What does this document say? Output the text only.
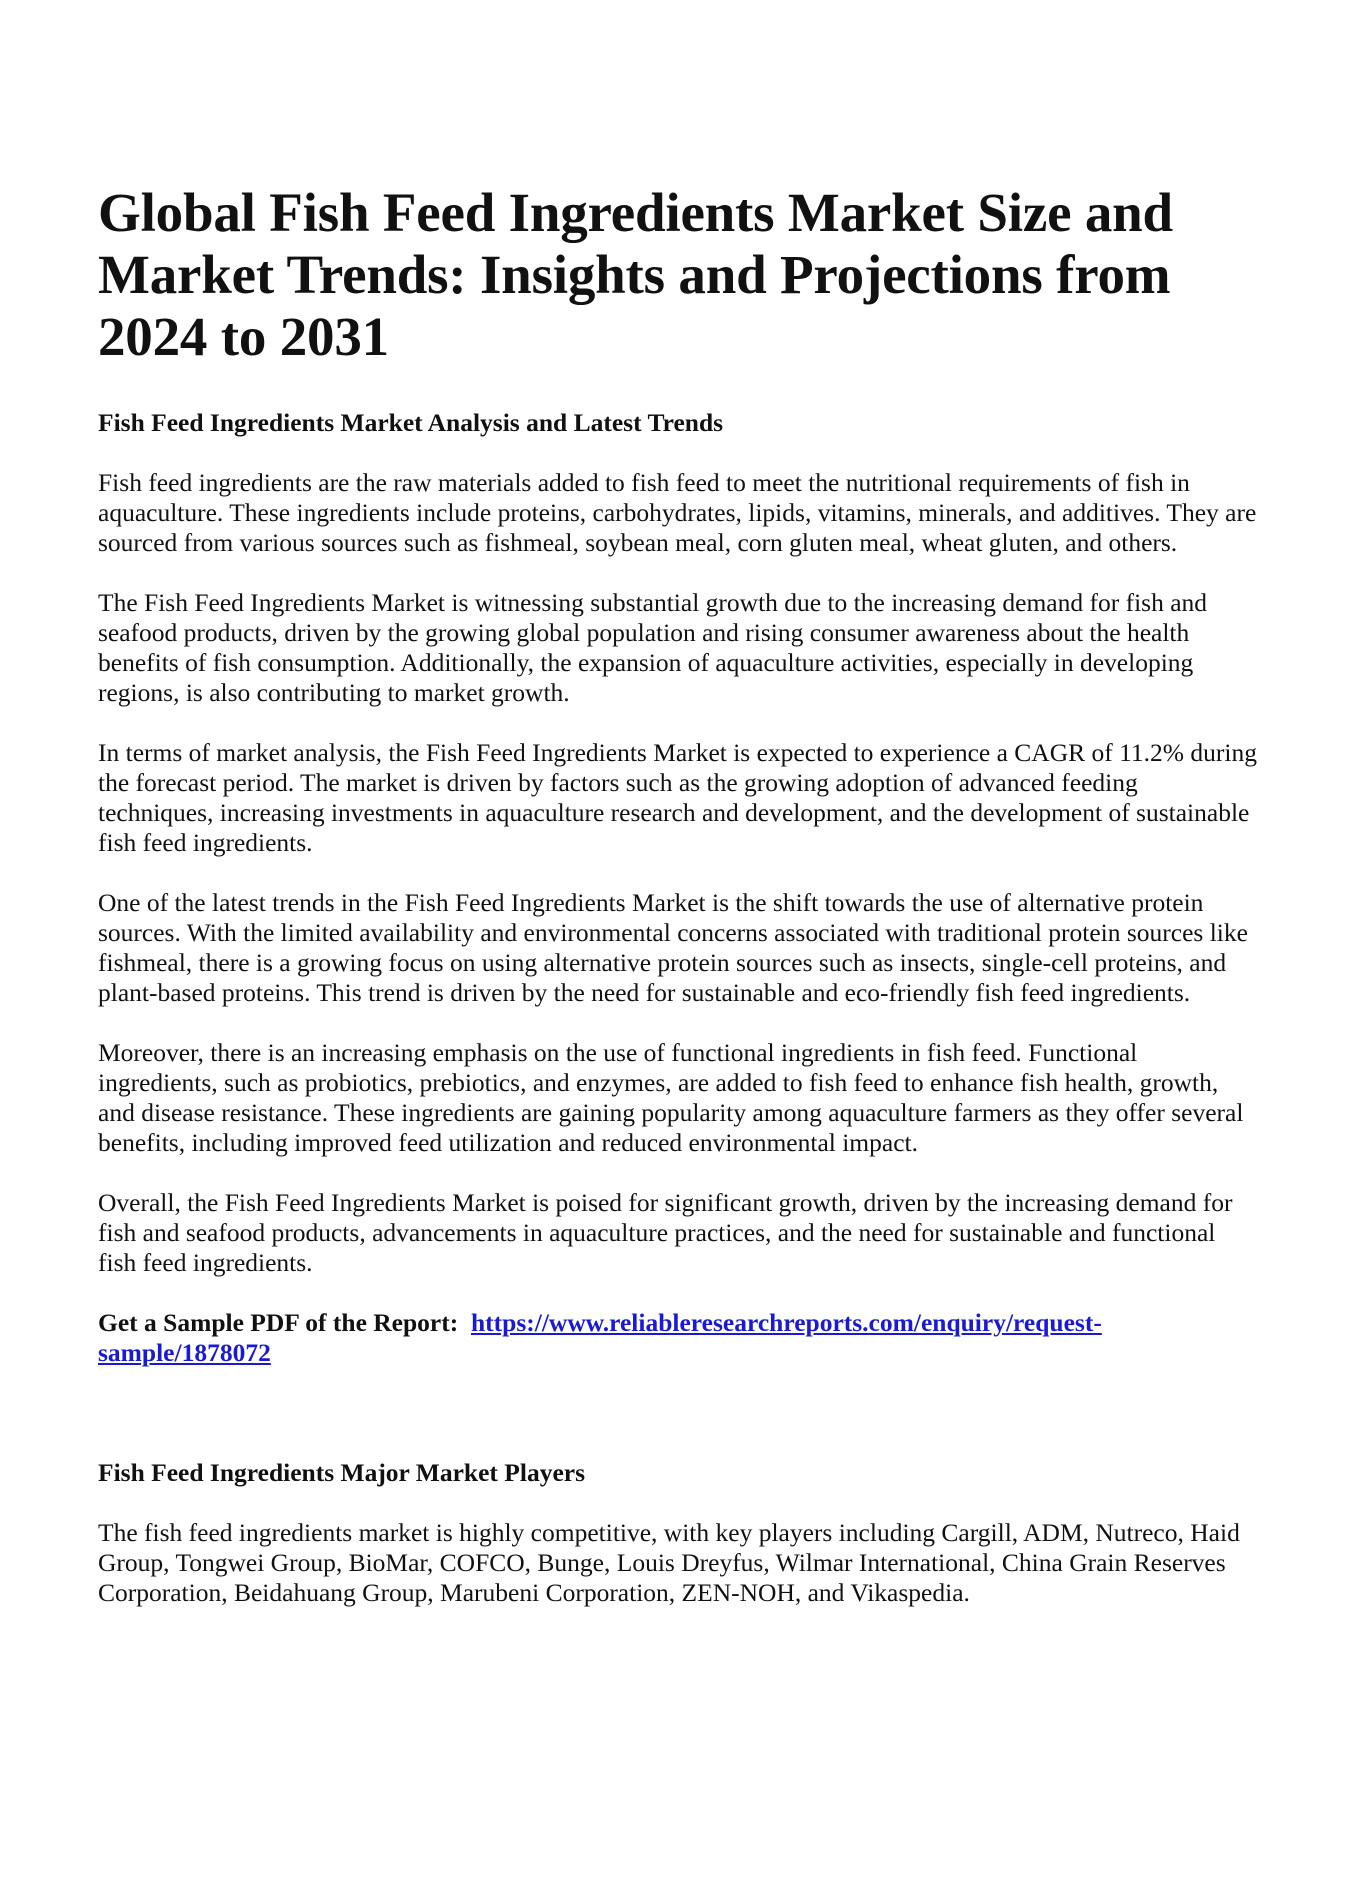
Global Fish Feed Ingredients Market Size and Market Trends: Insights and Projections from 2024 to 2031
Fish Feed Ingredients Market Analysis and Latest Trends

Fish feed ingredients are the raw materials added to fish feed to meet the nutritional requirements of fish in aquaculture. These ingredients include proteins, carbohydrates, lipids, vitamins, minerals, and additives. They are sourced from various sources such as fishmeal, soybean meal, corn gluten meal, wheat gluten, and others.

The Fish Feed Ingredients Market is witnessing substantial growth due to the increasing demand for fish and seafood products, driven by the growing global population and rising consumer awareness about the health benefits of fish consumption. Additionally, the expansion of aquaculture activities, especially in developing regions, is also contributing to market growth.

In terms of market analysis, the Fish Feed Ingredients Market is expected to experience a CAGR of 11.2% during the forecast period. The market is driven by factors such as the growing adoption of advanced feeding techniques, increasing investments in aquaculture research and development, and the development of sustainable fish feed ingredients.

One of the latest trends in the Fish Feed Ingredients Market is the shift towards the use of alternative protein sources. With the limited availability and environmental concerns associated with traditional protein sources like fishmeal, there is a growing focus on using alternative protein sources such as insects, single-cell proteins, and plant-based proteins. This trend is driven by the need for sustainable and eco-friendly fish feed ingredients.

Moreover, there is an increasing emphasis on the use of functional ingredients in fish feed. Functional ingredients, such as probiotics, prebiotics, and enzymes, are added to fish feed to enhance fish health, growth, and disease resistance. These ingredients are gaining popularity among aquaculture farmers as they offer several benefits, including improved feed utilization and reduced environmental impact.

Overall, the Fish Feed Ingredients Market is poised for significant growth, driven by the increasing demand for fish and seafood products, advancements in aquaculture practices, and the need for sustainable and functional fish feed ingredients.

Get a Sample PDF of the Report: https://www.reliableresearchreports.com/enquiry/request-sample/1878072

Fish Feed Ingredients Major Market Players

The fish feed ingredients market is highly competitive, with key players including Cargill, ADM, Nutreco, Haid Group, Tongwei Group, BioMar, COFCO, Bunge, Louis Dreyfus, Wilmar International, China Grain Reserves Corporation, Beidahuang Group, Marubeni Corporation, ZEN-NOH, and Vikaspedia.
